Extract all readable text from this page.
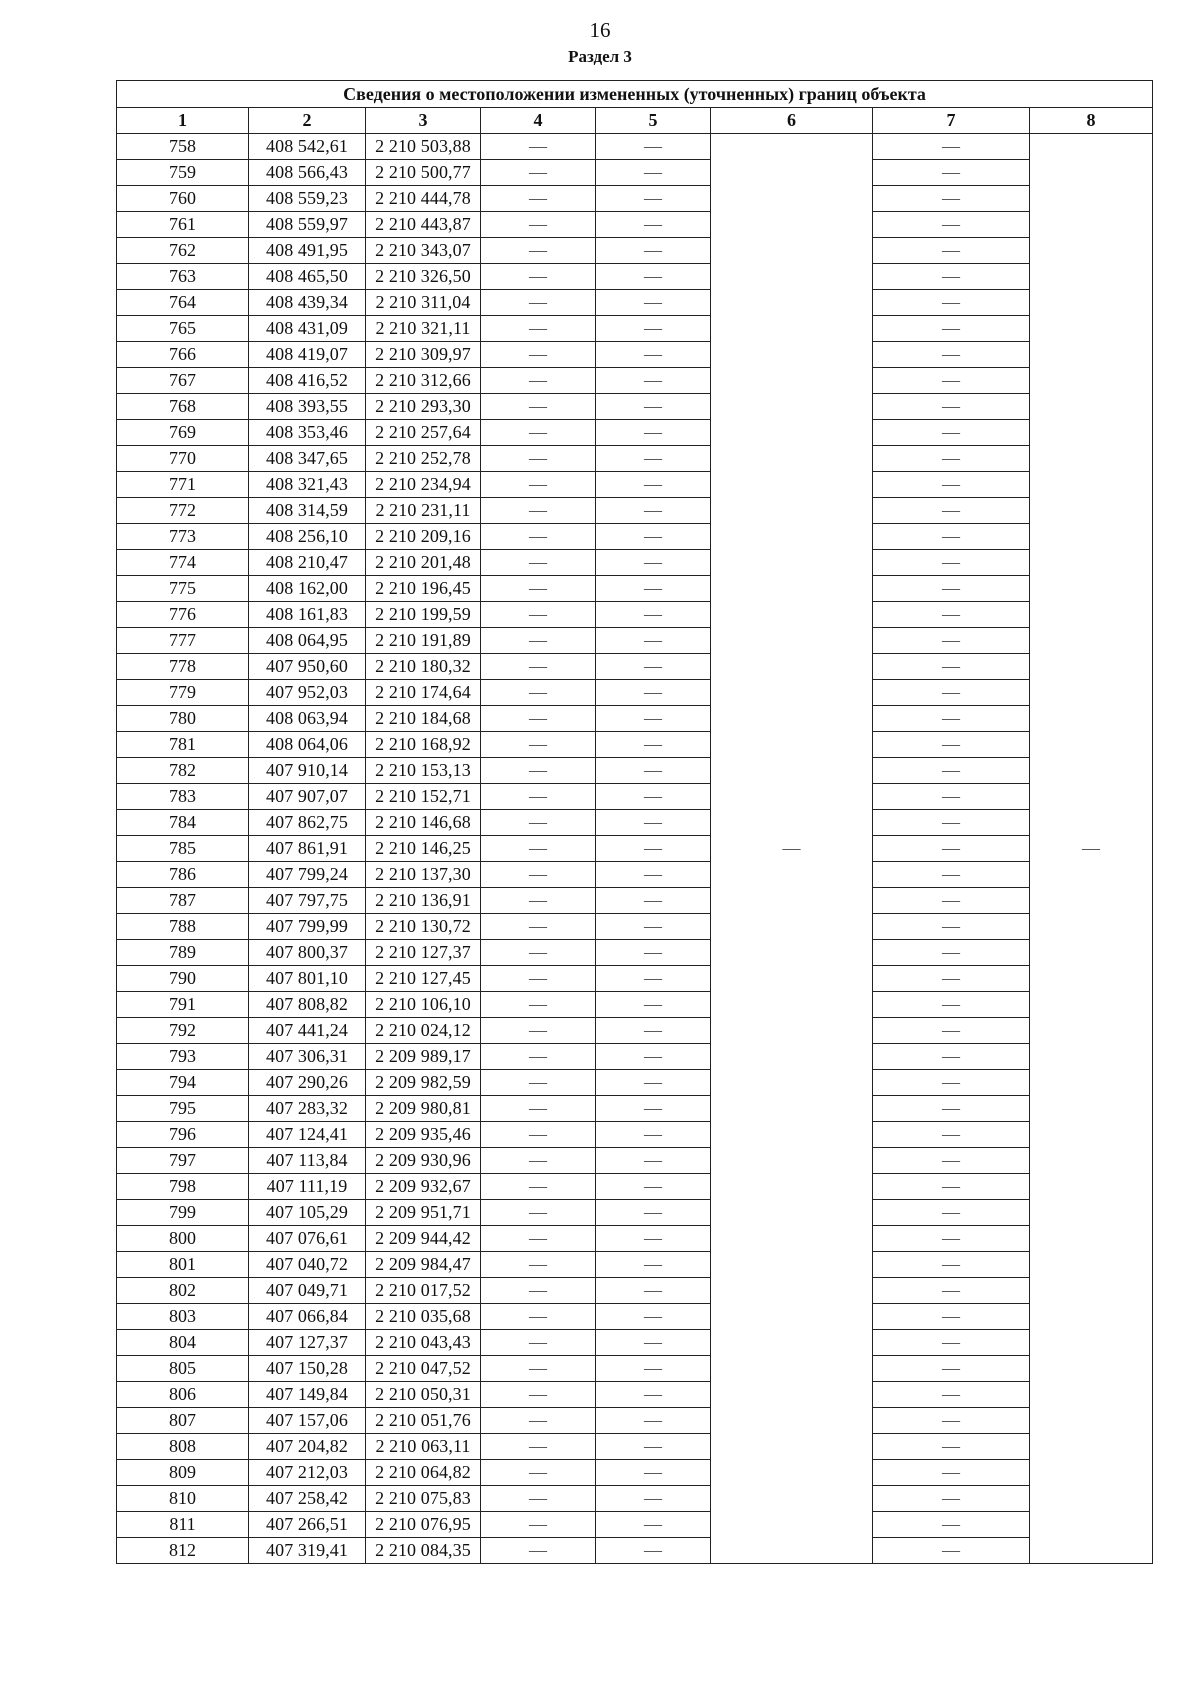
16
Раздел 3
Сведения о местоположении измененных (уточненных) границ объекта							
1	2	3	4	5	6	7	8
758	408 542,61	2 210 503,88	—	—	—	—	—
759	408 566,43	2 210 500,77	—	—		—	
760	408 559,23	2 210 444,78	—	—		—	
761	408 559,97	2 210 443,87	—	—		—	
762	408 491,95	2 210 343,07	—	—		—	
763	408 465,50	2 210 326,50	—	—		—	
764	408 439,34	2 210 311,04	—	—		—	
765	408 431,09	2 210 321,11	—	—		—	
766	408 419,07	2 210 309,97	—	—		—	
767	408 416,52	2 210 312,66	—	—		—	
768	408 393,55	2 210 293,30	—	—		—	
769	408 353,46	2 210 257,64	—	—		—	
770	408 347,65	2 210 252,78	—	—		—	
771	408 321,43	2 210 234,94	—	—		—	
772	408 314,59	2 210 231,11	—	—		—	
773	408 256,10	2 210 209,16	—	—		—	
774	408 210,47	2 210 201,48	—	—		—	
775	408 162,00	2 210 196,45	—	—		—	
776	408 161,83	2 210 199,59	—	—		—	
777	408 064,95	2 210 191,89	—	—		—	
778	407 950,60	2 210 180,32	—	—		—	
779	407 952,03	2 210 174,64	—	—		—	
780	408 063,94	2 210 184,68	—	—		—	
781	408 064,06	2 210 168,92	—	—		—	
782	407 910,14	2 210 153,13	—	—		—	
783	407 907,07	2 210 152,71	—	—		—	
784	407 862,75	2 210 146,68	—	—		—	
785	407 861,91	2 210 146,25	—	—		—	
786	407 799,24	2 210 137,30	—	—		—	
787	407 797,75	2 210 136,91	—	—		—	
788	407 799,99	2 210 130,72	—	—		—	
789	407 800,37	2 210 127,37	—	—		—	
790	407 801,10	2 210 127,45	—	—		—	
791	407 808,82	2 210 106,10	—	—		—	
792	407 441,24	2 210 024,12	—	—		—	
793	407 306,31	2 209 989,17	—	—		—	
794	407 290,26	2 209 982,59	—	—		—	
795	407 283,32	2 209 980,81	—	—		—	
796	407 124,41	2 209 935,46	—	—		—	
797	407 113,84	2 209 930,96	—	—		—	
798	407 111,19	2 209 932,67	—	—		—	
799	407 105,29	2 209 951,71	—	—		—	
800	407 076,61	2 209 944,42	—	—		—	
801	407 040,72	2 209 984,47	—	—		—	
802	407 049,71	2 210 017,52	—	—		—	
803	407 066,84	2 210 035,68	—	—		—	
804	407 127,37	2 210 043,43	—	—		—	
805	407 150,28	2 210 047,52	—	—		—	
806	407 149,84	2 210 050,31	—	—		—	
807	407 157,06	2 210 051,76	—	—		—	
808	407 204,82	2 210 063,11	—	—		—	
809	407 212,03	2 210 064,82	—	—		—	
810	407 258,42	2 210 075,83	—	—		—	
811	407 266,51	2 210 076,95	—	—		—	
812	407 319,41	2 210 084,35	—	—		—	
